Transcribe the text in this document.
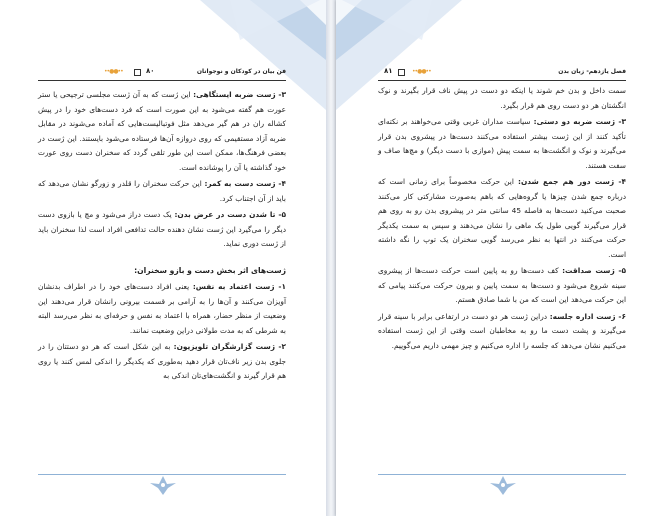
فن بیان در کودکان و نوجوانان
••●●••	۸۰

۳- ژست ضربه ایستگاهی: این ژست که به آن ژست مجلسی ترجیحی یا ستر عورت هم گفته می‌شود به این صورت است که فرد دست‌های خود را در پیش کشاله ران در هم گیر می‌دهد مثل فوتبالیست‌هایی که آماده می‌شوند در مقابل ضربه آزاد مستقیمی که روی دروازه آن‌ها فرستاده می‌شود بایستند. این ژست در بعضی فرهنگ‌ها، ممکن است این طور تلقی گردد که سخنران دست روی عورت خود گذاشته یا آن را پوشانده است.

۴- ژست دست به کمر: این حرکت سخنران را قلدر و زورگو نشان می‌دهد که باید از آن اجتناب کرد.

۵- تا شدن دست در عرض بدن: یک دست دراز می‌شود و مچ یا بازوی دست دیگر را می‌گیرد این ژست نشان دهنده حالت تدافعی افراد است لذا سخنران باید از ژست دوری نماید.

ژست‌های اثر بخش دست و بازو سخنران:

۱- ژست اعتماد به نفس: یعنی افراد دست‌های خود را در اطراف بدنشان آویزان می‌کنند و آن‌ها را به آرامی بر قسمت بیرونی رانشان قرار می‌دهند این وضعیت از منظر حضار، همراه با اعتماد به نفس و حرفه‌ای به نظر می‌رسد البته به شرطی که به مدت طولانی دراین وضعیت نمانند.

۲- ژست گزارشگران تلویزیون: به این شکل است که هر دو دستتان را در جلوی بدن زیر ناف‌تان قرار دهید به‌طوری که یکدیگر را اندکی لمس کنند یا روی هم قرار گیرند و انگشت‌های‌تان اندکی به

فصل یازدهم- زبان بدن
۸۱	••●●••

سمت داخل و بدن خم شوند یا اینکه دو دست در پیش ناف قرار بگیرند و نوک انگشتان هر دو دست روی هم قرار بگیرد.

۳- ژست ضربه دو دستی: سیاست مداران غربی وقتی می‌خواهند بر نکته‌ای تأکید کنند از این ژست بیشتر استفاده می‌کنند دست‌ها در پیشروی بدن قرار می‌گیرند و نوک و انگشت‌ها به سمت پیش (موازی با دست دیگر) و مچ‌ها صاف و سفت هستند.

۴- ژست دور هم جمع شدن: این حرکت مخصوصاً برای زمانی است که درباره جمع شدن چیزها یا گروه‌هایی که باهم به‌صورت مشارکتی کار می‌کنند صحبت می‌کنید دست‌ها به فاصله 45 سانتی متر در پیشروی بدن رو به روی هم قرار می‌گیرند گویی طول یک ماهی را نشان می‌دهند و سپس به سمت یکدیگر حرکت می‌کنند در انتها به نظر می‌رسد گویی سخنران یک توپ را نگه داشته است.

۵- ژست صداقت: کف دست‌ها رو به پایین است حرکت دست‌ها از پیشروی سینه شروع می‌شود و دست‌ها به سمت پایین و بیرون حرکت می‌کنند پیامی که این حرکت می‌دهد این است که من با شما صادق هستم.

۶- ژست اداره جلسه: دراین ژست هر دو دست در ارتفاعی برابر با سینه قرار می‌گیرند و پشت دست ما رو به مخاطبان است وقتی از این ژست استفاده می‌کنیم نشان می‌دهد که جلسه را اداره می‌کنیم و چیز مهمی داریم می‌گوییم.
